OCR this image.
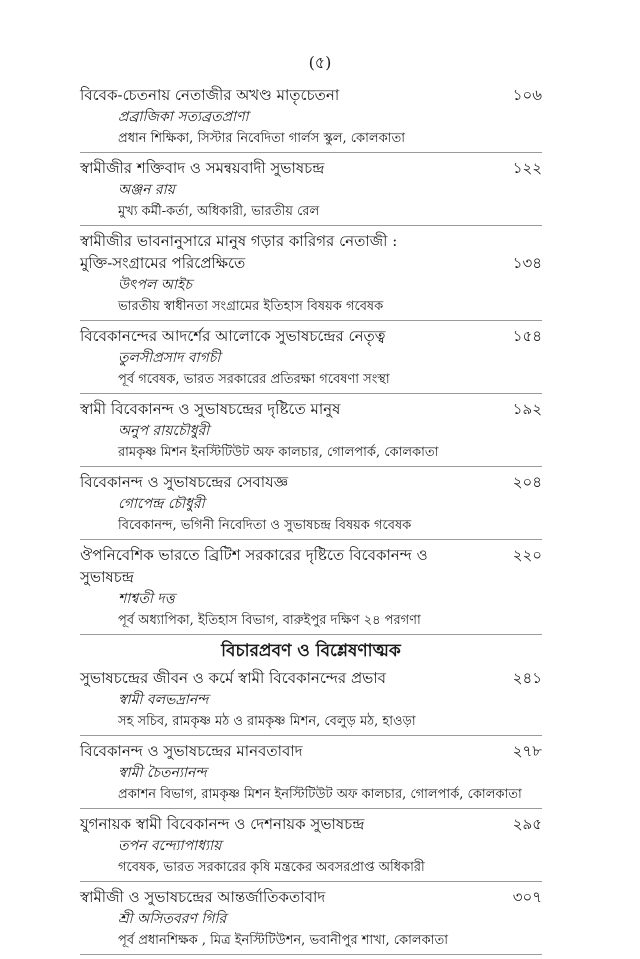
(৫)
১০৬
বিবেক-চেতনায় নেতাজীর অখণ্ড মাতৃচেতনা
প্রব্রাজিকা সত্যব্রতপ্রাণা
প্রধান শিক্ষিকা, সিস্টার নিবেদিতা গার্লস স্কুল, কোলকাতা
১২২
স্বামীজীর শক্তিবাদ ও সমন্বয়বাদী সুভাষচন্দ্র
অঞ্জন রায়
মুখ্য কর্মী-কর্তা, অধিকারী, ভারতীয় রেল
১৩৪
স্বামীজীর ভাবনানুসারে মানুষ গড়ার কারিগর নেতাজী :
মুক্তি-সংগ্রামের পরিপ্রেক্ষিতে
উৎপল আইচ
ভারতীয় স্বাধীনতা সংগ্রামের ইতিহাস বিষয়ক গবেষক
১৫৪
বিবেকানন্দের আদর্শের আলোকে সুভাষচন্দ্রের নেতৃত্ব
তুলসীপ্রসাদ বাগচী
পূর্ব গবেষক, ভারত সরকারের প্রতিরক্ষা গবেষণা সংস্থা
১৯২
স্বামী বিবেকানন্দ ও সুভাষচন্দ্রের দৃষ্টিতে মানুষ
অনুপ রায়চৌধুরী
রামকৃষ্ণ মিশন ইনস্টিটিউট অফ কালচার, গোলপার্ক, কোলকাতা
২০৪
বিবেকানন্দ ও সুভাষচন্দ্রের সেবাযজ্ঞ
গোপেন্দ্র চৌধুরী
বিবেকানন্দ, ভগিনী নিবেদিতা ও সুভাষচন্দ্র বিষয়ক গবেষক
২২০
ঔপনিবেশিক ভারতে ব্রিটিশ সরকারের দৃষ্টিতে বিবেকানন্দ ও সুভাষচন্দ্র
শাশ্বতী দত্ত
পূর্ব অধ্যাপিকা, ইতিহাস বিভাগ, বারুইপুর দক্ষিণ ২৪ পরগণা
বিচারপ্রবণ ও বিশ্লেষণাত্মক
২৪১
সুভাষচন্দ্রের জীবন ও কর্মে স্বামী বিবেকানন্দের প্রভাব
স্বামী বলভদ্রানন্দ
সহ সচিব, রামকৃষ্ণ মঠ ও রামকৃষ্ণ মিশন, বেলুড় মঠ, হাওড়া
২৭৮
বিবেকানন্দ ও সুভাষচন্দ্রের মানবতাবাদ
স্বামী চৈতন্যানন্দ
প্রকাশন বিভাগ, রামকৃষ্ণ মিশন ইনস্টিটিউট অফ কালচার, গোলপার্ক, কোলকাতা
২৯৫
যুগনায়ক স্বামী বিবেকানন্দ ও দেশনায়ক সুভাষচন্দ্র
তপন বন্দ্যোপাধ্যায়
গবেষক, ভারত সরকারের কৃষি মন্ত্রকের অবসরপ্রাপ্ত অধিকারী
৩০৭
স্বামীজী ও সুভাষচন্দ্রের আন্তর্জাতিকতাবাদ
শ্রী অসিতবরণ গিরি
পূর্ব প্রধানশিক্ষক , মিত্র ইনস্টিটিউশন, ভবানীপুর শাখা, কোলকাতা
